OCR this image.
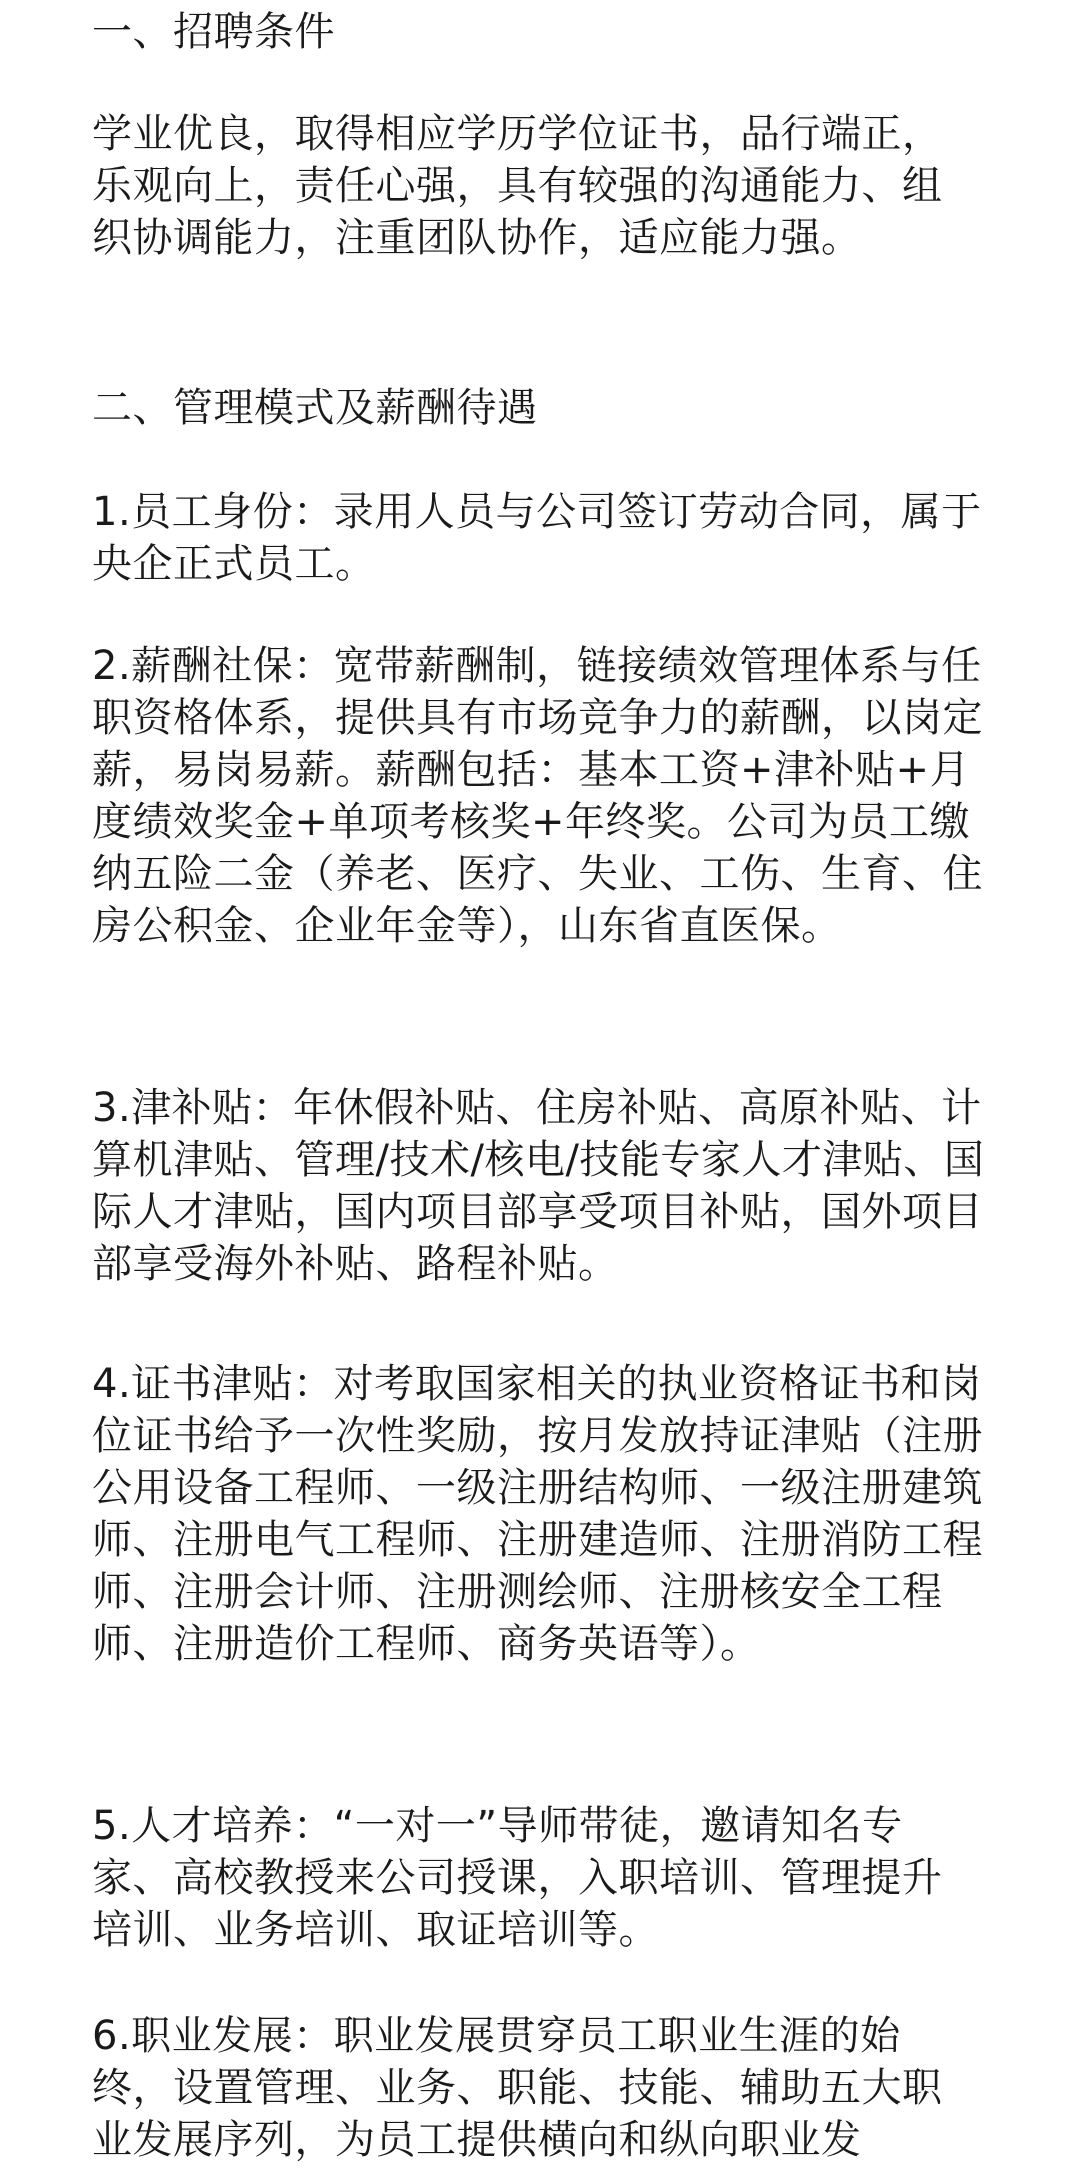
一、招聘条件

学业优良，取得相应学历学位证书，品行端正，乐观向上，责任心强，具有较强的沟通能力、组织协调能力，注重团队协作，适应能力强。

二、管理模式及薪酬待遇

1.员工身份：录用人员与公司签订劳动合同，属于央企正式员工。

2.薪酬社保：宽带薪酬制，链接绩效管理体系与任职资格体系，提供具有市场竞争力的薪酬，以岗定薪，易岗易薪。薪酬包括：基本工资+津补贴+月度绩效奖金+单项考核奖+年终奖。公司为员工缴纳五险二金（养老、医疗、失业、工伤、生育、住房公积金、企业年金等），山东省直医保。

3.津补贴：年休假补贴、住房补贴、高原补贴、计算机津贴、管理/技术/核电/技能专家人才津贴、国际人才津贴，国内项目部享受项目补贴，国外项目部享受海外补贴、路程补贴。

4.证书津贴：对考取国家相关的执业资格证书和岗位证书给予一次性奖励，按月发放持证津贴（注册公用设备工程师、一级注册结构师、一级注册建筑师、注册电气工程师、注册建造师、注册消防工程师、注册会计师、注册测绘师、注册核安全工程师、注册造价工程师、商务英语等）。

5.人才培养：“一对一”导师带徒，邀请知名专家、高校教授来公司授课，入职培训、管理提升培训、业务培训、取证培训等。

6.职业发展：职业发展贯穿员工职业生涯的始终，设置管理、业务、职能、技能、辅助五大职业发展序列，为员工提供横向和纵向职业发
